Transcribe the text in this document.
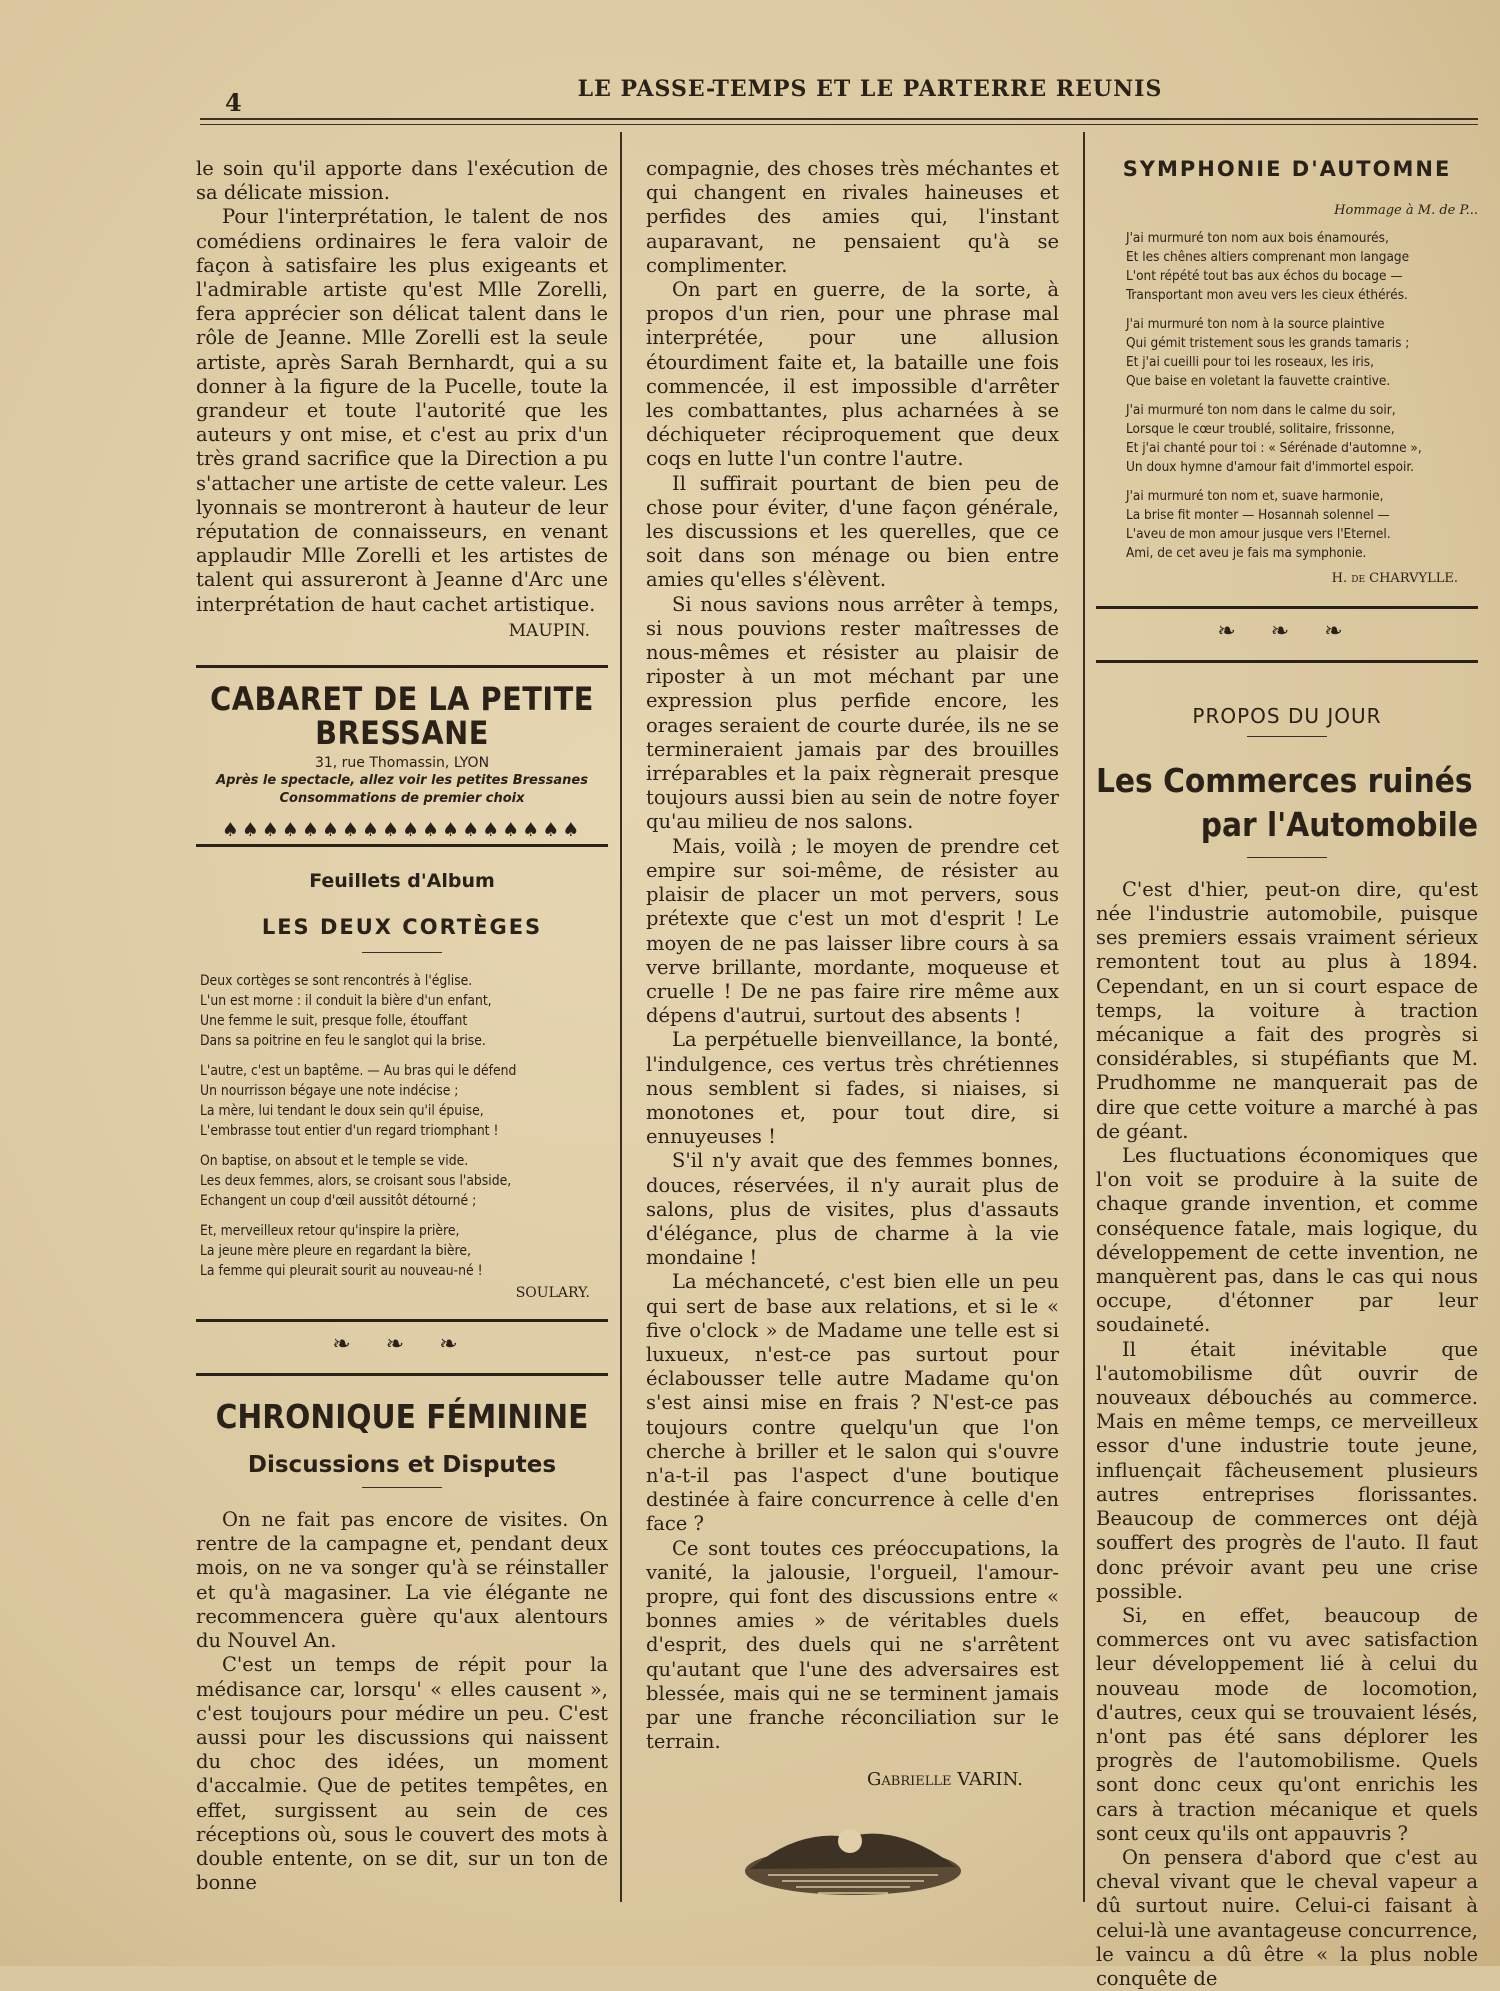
4	LE PASSE-TEMPS ET LE PARTERRE REUNIS

le soin qu'il apporte dans l'exécution de sa délicate mission.

Pour l'interprétation, le talent de nos comédiens ordinaires le fera valoir de façon à satisfaire les plus exigeants et l'admirable artiste qu'est Mlle Zorelli, fera apprécier son délicat talent dans le rôle de Jeanne. Mlle Zorelli est la seule artiste, après Sarah Bernhardt, qui a su donner à la figure de la Pucelle, toute la grandeur et toute l'autorité que les auteurs y ont mise, et c'est au prix d'un très grand sacrifice que la Direction a pu s'attacher une artiste de cette valeur. Les lyonnais se montreront à hauteur de leur réputation de connaisseurs, en venant applaudir Mlle Zorelli et les artistes de talent qui assureront à Jeanne d'Arc une interprétation de haut cachet artistique.

MAUPIN.
CABARET DE LA PETITE BRESSANE
31, rue Thomassin, LYON
Après le spectacle, allez voir les petites Bressanes
Consommations de premier choix
♠♠♠♠♠♠♠♠♠♠♠♠♠♠♠♠♠♠
Feuillets d'Album
LES DEUX CORTÈGES
Deux cortèges se sont rencontrés à l'église.
L'un est morne : il conduit la bière d'un enfant,
Une femme le suit, presque folle, étouffant
Dans sa poitrine en feu le sanglot qui la brise.
L'autre, c'est un baptême. — Au bras qui le défend
Un nourrisson bégaye une note indécise ;
La mère, lui tendant le doux sein qu'il épuise,
L'embrasse tout entier d'un regard triomphant !
On baptise, on absout et le temple se vide.
Les deux femmes, alors, se croisant sous l'abside,
Echangent un coup d'œil aussitôt détourné ;
Et, merveilleux retour qu'inspire la prière,
La jeune mère pleure en regardant la bière,
La femme qui pleurait sourit au nouveau-né !
SOULARY.
❧ ❧ ❧
CHRONIQUE FÉMININE
Discussions et Disputes

On ne fait pas encore de visites. On rentre de la campagne et, pendant deux mois, on ne va songer qu'à se réinstaller et qu'à magasiner. La vie élégante ne recommencera guère qu'aux alentours du Nouvel An.

C'est un temps de répit pour la médisance car, lorsqu' « elles causent », c'est toujours pour médire un peu. C'est aussi pour les discussions qui naissent du choc des idées, un moment d'accalmie. Que de petites tempêtes, en effet, surgissent au sein de ces réceptions où, sous le couvert des mots à double entente, on se dit, sur un ton de bonne

compagnie, des choses très méchantes et qui changent en rivales haineuses et perfides des amies qui, l'instant auparavant, ne pensaient qu'à se complimenter.

On part en guerre, de la sorte, à propos d'un rien, pour une phrase mal interprétée, pour une allusion étourdiment faite et, la bataille une fois commencée, il est impossible d'arrêter les combattantes, plus acharnées à se déchiqueter réciproquement que deux coqs en lutte l'un contre l'autre.

Il suffirait pourtant de bien peu de chose pour éviter, d'une façon générale, les discussions et les querelles, que ce soit dans son ménage ou bien entre amies qu'elles s'élèvent.

Si nous savions nous arrêter à temps, si nous pouvions rester maîtresses de nous-mêmes et résister au plaisir de riposter à un mot méchant par une expression plus perfide encore, les orages seraient de courte durée, ils ne se termineraient jamais par des brouilles irréparables et la paix règnerait presque toujours aussi bien au sein de notre foyer qu'au milieu de nos salons.

Mais, voilà ; le moyen de prendre cet empire sur soi-même, de résister au plaisir de placer un mot pervers, sous prétexte que c'est un mot d'esprit ! Le moyen de ne pas laisser libre cours à sa verve brillante, mordante, moqueuse et cruelle ! De ne pas faire rire même aux dépens d'autrui, surtout des absents !

La perpétuelle bienveillance, la bonté, l'indulgence, ces vertus très chrétiennes nous semblent si fades, si niaises, si monotones et, pour tout dire, si ennuyeuses !

S'il n'y avait que des femmes bonnes, douces, réservées, il n'y aurait plus de salons, plus de visites, plus d'assauts d'élégance, plus de charme à la vie mondaine !

La méchanceté, c'est bien elle un peu qui sert de base aux relations, et si le « five o'clock » de Madame une telle est si luxueux, n'est-ce pas surtout pour éclabousser telle autre Madame qu'on s'est ainsi mise en frais ? N'est-ce pas toujours contre quelqu'un que l'on cherche à briller et le salon qui s'ouvre n'a-t-il pas l'aspect d'une boutique destinée à faire concurrence à celle d'en face ?

Ce sont toutes ces préoccupations, la vanité, la jalousie, l'orgueil, l'amour-propre, qui font des discussions entre « bonnes amies » de véritables duels d'esprit, des duels qui ne s'arrêtent qu'autant que l'une des adversaires est blessée, mais qui ne se terminent jamais par une franche réconciliation sur le terrain.

Gabrielle VARIN.
SYMPHONIE D'AUTOMNE
Hommage à M. de P...
J'ai murmuré ton nom aux bois énamourés,
Et les chênes altiers comprenant mon langage
L'ont répété tout bas aux échos du bocage —
Transportant mon aveu vers les cieux éthérés.
J'ai murmuré ton nom à la source plaintive
Qui gémit tristement sous les grands tamaris ;
Et j'ai cueilli pour toi les roseaux, les iris,
Que baise en voletant la fauvette craintive.
J'ai murmuré ton nom dans le calme du soir,
Lorsque le cœur troublé, solitaire, frissonne,
Et j'ai chanté pour toi : « Sérénade d'automne »,
Un doux hymne d'amour fait d'immortel espoir.
J'ai murmuré ton nom et, suave harmonie,
La brise fit monter — Hosannah solennel —
L'aveu de mon amour jusque vers l'Eternel.
Ami, de cet aveu je fais ma symphonie.
H. de CHARVYLLE.
❧ ❧ ❧
PROPOS DU JOUR
Les Commerces ruinés
par l'Automobile

C'est d'hier, peut-on dire, qu'est née l'industrie automobile, puisque ses premiers essais vraiment sérieux remontent tout au plus à 1894. Cependant, en un si court espace de temps, la voiture à traction mécanique a fait des progrès si considérables, si stupéfiants que M. Prudhomme ne manquerait pas de dire que cette voiture a marché à pas de géant.

Les fluctuations économiques que l'on voit se produire à la suite de chaque grande invention, et comme conséquence fatale, mais logique, du développement de cette invention, ne manquèrent pas, dans le cas qui nous occupe, d'étonner par leur soudaineté.

Il était inévitable que l'automobilisme dût ouvrir de nouveaux débouchés au commerce. Mais en même temps, ce merveilleux essor d'une industrie toute jeune, influençait fâcheusement plusieurs autres entreprises florissantes. Beaucoup de commerces ont déjà souffert des progrès de l'auto. Il faut donc prévoir avant peu une crise possible.

Si, en effet, beaucoup de commerces ont vu avec satisfaction leur développement lié à celui du nouveau mode de locomotion, d'autres, ceux qui se trouvaient lésés, n'ont pas été sans déplorer les progrès de l'automobilisme. Quels sont donc ceux qu'ont enrichis les cars à traction mécanique et quels sont ceux qu'ils ont appauvris ?

On pensera d'abord que c'est au cheval vivant que le cheval vapeur a dû surtout nuire. Celui-ci faisant à celui-là une avantageuse concurrence, le vaincu a dû être « la plus noble conquête de
